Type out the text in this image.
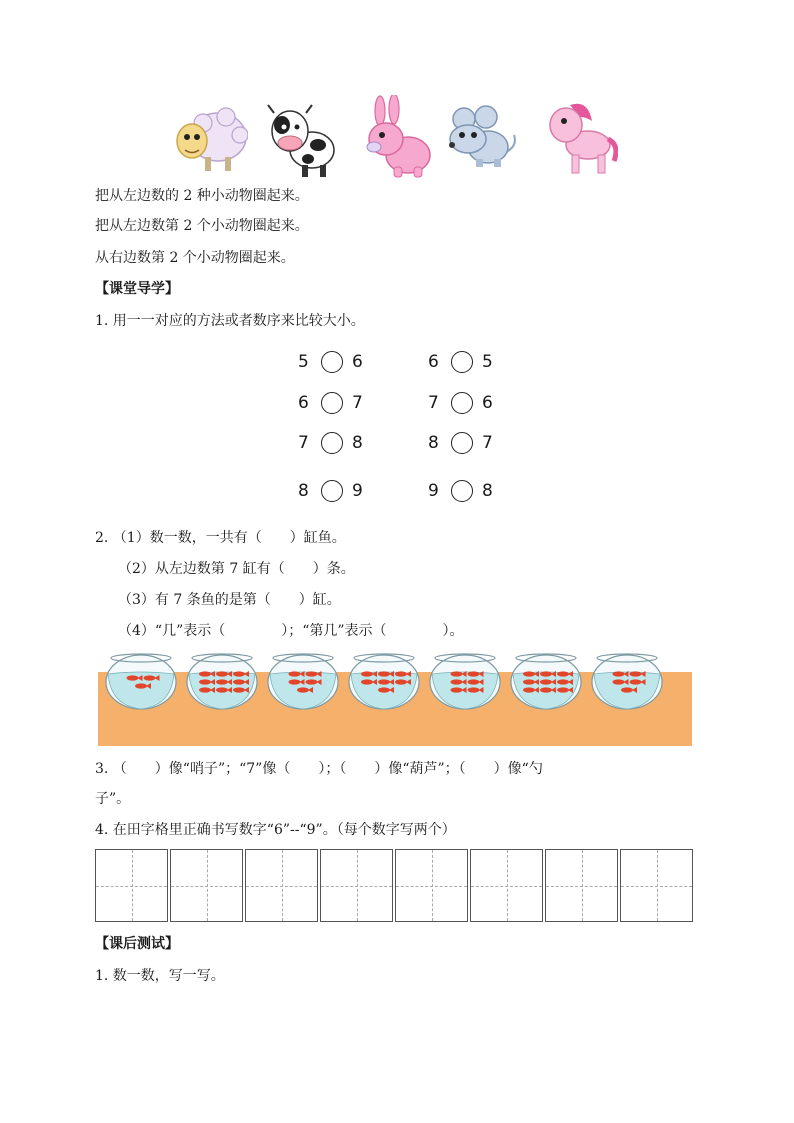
把从左边数的 2 种小动物圈起来。
把从左边数第 2 个小动物圈起来。
从右边数第 2 个小动物圈起来。
【课堂导学】
1. 用一一对应的方法或者数序来比较大小。
5	6	6	5
6	7	7	6
7	8	8	7
8	9	9	8
2. （1）数一数，一共有（　　）缸鱼。
（2）从左边数第 7 缸有（　　）条。
（3）有 7 条鱼的是第（　　）缸。
（4）“几”表示（　　　　）；“第几”表示（　　　　）。
3. （　　）像“哨子”；“7”像（　　）；（　　）像“葫芦”；（　　）像“勺
子”。
4. 在田字格里正确书写数字“6”--“9”。（每个数字写两个）
【课后测试】
1. 数一数，写一写。
